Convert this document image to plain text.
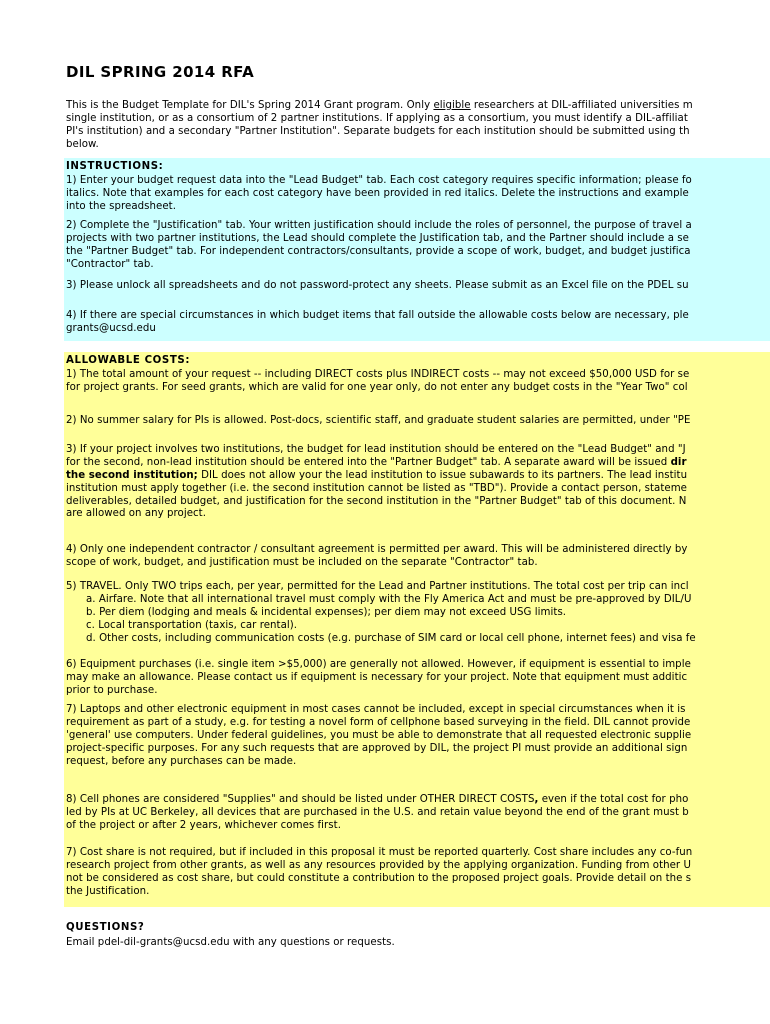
DIL SPRING 2014 RFA
This is the Budget Template for DIL's Spring 2014 Grant program. Only eligible researchers at DIL-affiliated universities m
single institution, or as a consortium of 2 partner institutions. If applying as a consortium, you must identify a DIL-affiliat
PI's institution) and a secondary "Partner Institution". Separate budgets for each institution should be submitted using th
below.
INSTRUCTIONS:
1) Enter your budget request data into the "Lead Budget" tab. Each cost category requires specific information; please fo
italics. Note that examples for each cost category have been provided in red italics. Delete the instructions and example
into the spreadsheet.
2) Complete the "Justification" tab. Your written justification should include the roles of personnel, the purpose of travel a
projects with two partner institutions, the Lead should complete the Justification tab, and the Partner should include a se
the "Partner Budget" tab. For independent contractors/consultants, provide a scope of work, budget, and budget justifica
"Contractor" tab.
3) Please unlock all spreadsheets and do not password-protect any sheets. Please submit as an Excel file on the PDEL su
4) If there are special circumstances in which budget items that fall outside the allowable costs below are necessary, ple
grants@ucsd.edu
ALLOWABLE COSTS:
1) The total amount of your request -- including DIRECT costs plus INDIRECT costs -- may not exceed $50,000 USD for se
for project grants. For seed grants, which are valid for one year only, do not enter any budget costs in the "Year Two" col
2) No summer salary for PIs is allowed. Post-docs, scientific staff, and graduate student salaries are permitted, under "PE
3) If your project involves two institutions, the budget for lead institution should be entered on the "Lead Budget" and "J
for the second, non-lead institution should be entered into the "Partner Budget" tab. A separate award will be issued dir
the second institution; DIL does not allow your the lead institution to issue subawards to its partners. The lead institu
institution must apply together (i.e. the second institution cannot be listed as "TBD"). Provide a contact person, stateme
deliverables, detailed budget, and justification for the second institution in the "Partner Budget" tab of this document. N
are allowed on any project.
4) Only one independent contractor / consultant agreement is permitted per award. This will be administered directly by
scope of work, budget, and justification must be included on the separate "Contractor" tab.
5) TRAVEL. Only TWO trips each, per year, permitted for the Lead and Partner institutions. The total cost per trip can incl
a. Airfare. Note that all international travel must comply with the Fly America Act and must be pre-approved by DIL/U
b. Per diem (lodging and meals & incidental expenses); per diem may not exceed USG limits.
c. Local transportation (taxis, car rental).
d. Other costs, including communication costs (e.g. purchase of SIM card or local cell phone, internet fees) and visa fe
6) Equipment purchases (i.e. single item >$5,000) are generally not allowed. However, if equipment is essential to imple
may make an allowance. Please contact us if equipment is necessary for your project. Note that equipment must additic
prior to purchase.
7) Laptops and other electronic equipment in most cases cannot be included, except in special circumstances when it is
requirement as part of a study, e.g. for testing a novel form of cellphone based surveying in the field. DIL cannot provide
'general' use computers. Under federal guidelines, you must be able to demonstrate that all requested electronic supplie
project-specific purposes. For any such requests that are approved by DIL, the project PI must provide an additional sign
request, before any purchases can be made.
8) Cell phones are considered "Supplies" and should be listed under OTHER DIRECT COSTS, even if the total cost for pho
led by PIs at UC Berkeley, all devices that are purchased in the U.S. and retain value beyond the end of the grant must b
of the project or after 2 years, whichever comes first.
7) Cost share is not required, but if included in this proposal it must be reported quarterly. Cost share includes any co-fun
research project from other grants, as well as any resources provided by the applying organization. Funding from other U
not be considered as cost share, but could constitute a contribution to the proposed project goals. Provide detail on the s
the Justification.
QUESTIONS?
Email pdel-dil-grants@ucsd.edu with any questions or requests.
